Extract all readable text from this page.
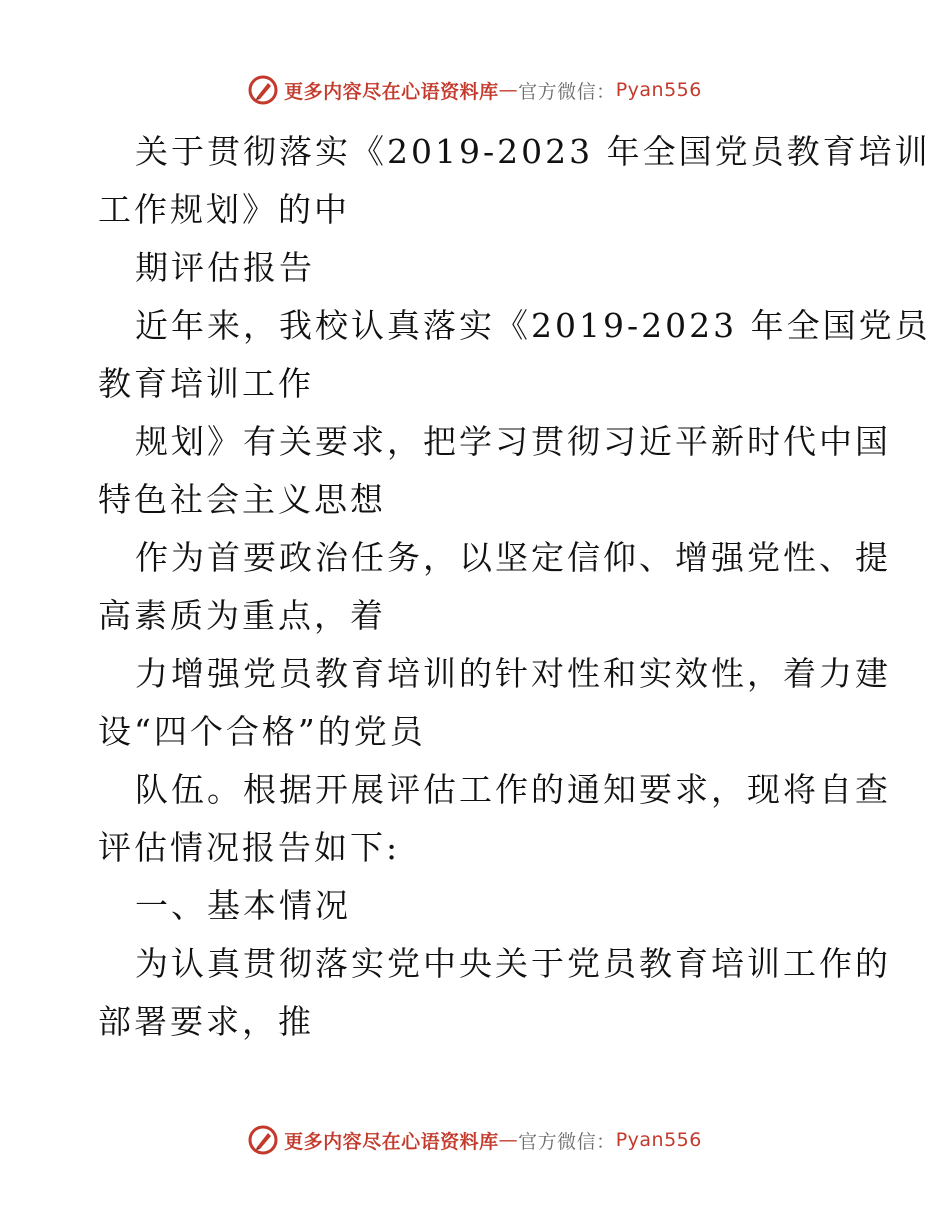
更多内容尽在心语资料库 — 官方微信： Pyan556
关于贯彻落实《2019-2023 年全国党员教育培训
工作规划》的中
期评估报告
近年来，我校认真落实《2019-2023 年全国党员
教育培训工作
规划》有关要求，把学习贯彻习近平新时代中国
特色社会主义思想
作为首要政治任务，以坚定信仰、增强党性、提
高素质为重点，着
力增强党员教育培训的针对性和实效性，着力建
设“四个合格”的党员
队伍。根据开展评估工作的通知要求，现将自查
评估情况报告如下:
一、基本情况
为认真贯彻落实党中央关于党员教育培训工作的
部署要求，推
更多内容尽在心语资料库 — 官方微信： Pyan556
